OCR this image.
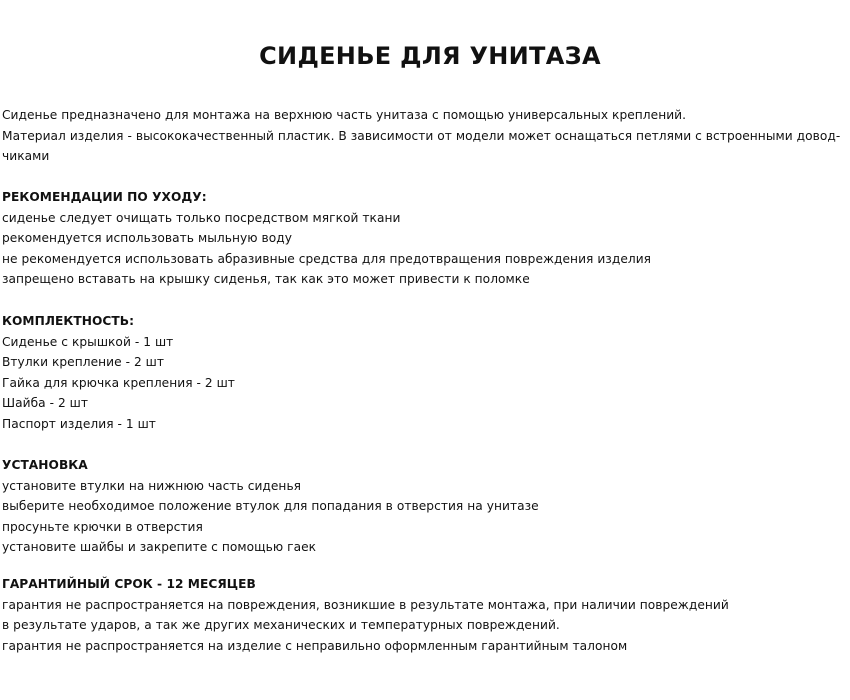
СИДЕНЬЕ ДЛЯ УНИТАЗА
Сиденье предназначено для монтажа на верхнюю часть унитаза с помощью универсальных креплений.
Материал изделия - высококачественный пластик. В зависимости от модели может оснащаться петлями с встроенными довод-
чиками
РЕКОМЕНДАЦИИ ПО УХОДУ:
сиденье следует очищать только посредством мягкой ткани
рекомендуется использовать мыльную воду
не рекомендуется использовать абразивные средства для предотвращения повреждения изделия
запрещено вставать на крышку сиденья, так как это может привести к поломке
КОМПЛЕКТНОСТЬ:
Сиденье с крышкой - 1 шт
Втулки крепление - 2 шт
Гайка для крючка крепления - 2 шт
Шайба - 2 шт
Паспорт изделия - 1 шт
УСТАНОВКА
установите втулки на нижнюю часть сиденья
выберите необходимое положение втулок для попадания в отверстия на унитазе
просуньте крючки в отверстия
установите шайбы и закрепите с помощью гаек
ГАРАНТИЙНЫЙ СРОК - 12 МЕСЯЦЕВ
гарантия не распространяется на повреждения, возникшие в результате монтажа, при наличии повреждений
в результате ударов, а так же других механических и температурных повреждений.
гарантия не распространяется на изделие с неправильно оформленным гарантийным талоном
